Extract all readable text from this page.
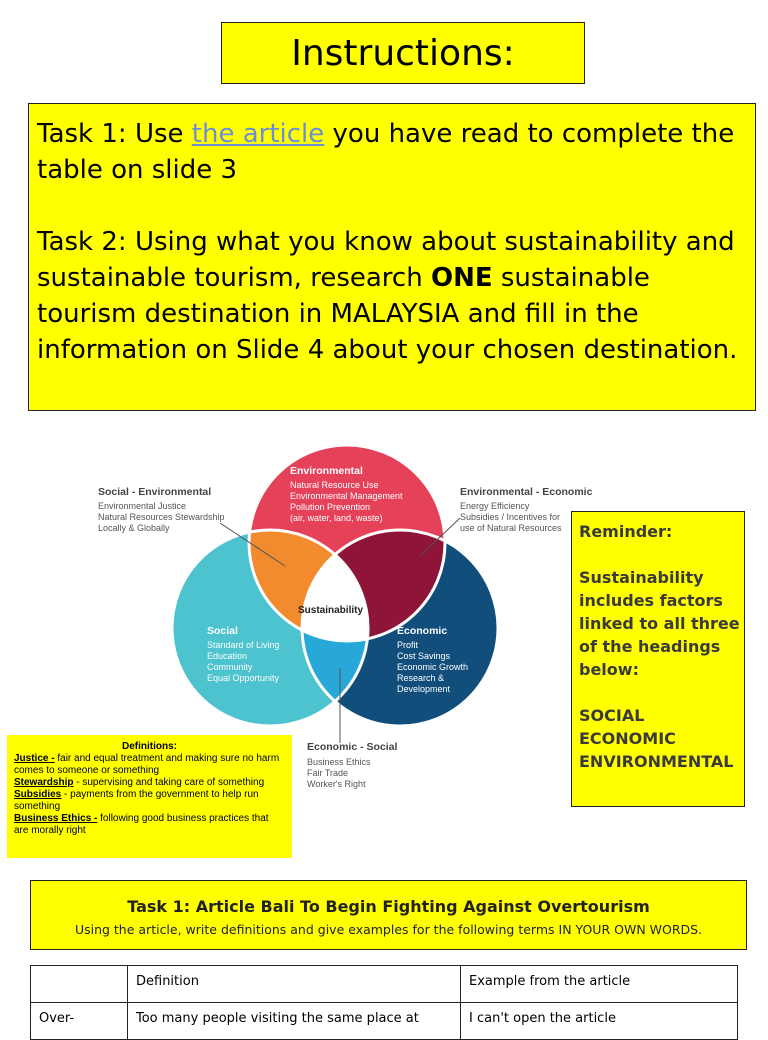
Instructions:

Task 1: Use the article you have read to complete the table on slide 3

Task 2: Using what you know about sustainability and sustainable tourism, research ONE sustainable tourism destination in MALAYSIA and fill in the information on Slide 4 about your chosen destination.

Environmental
Natural Resource Use
Environmental Management
Pollution Prevention
(air, water, land, waste)
Social
Standard of Living
Education
Community
Equal Opportunity
Economic
Profit
Cost Savings
Economic Growth
Research &
Development
Sustainability
Social - Environmental
Environmental Justice
Natural Resources Stewardship
Locally & Globally
Environmental - Economic
Energy Efficiency
Subsidies / Incentives for
use of Natural Resources
Economic - Social
Business Ethics
Fair Trade
Worker's Right
Reminder:

Sustainability
includes factors
linked to all three
of the headings
below:

SOCIAL
ECONOMIC
ENVIRONMENTAL
Definitions:
Justice - fair and equal treatment and making sure no harm comes to someone or something
Stewardship - supervising and taking care of something
Subsidies - payments from the government to help run something
Business Ethics - following good business practices that are morally right
Task 1: Article Bali To Begin Fighting Against Overtourism
Using the article, write definitions and give examples for the following terms IN YOUR OWN WORDS.
	Definition	Example from the article
Over-	Too many people visiting the same place at	I can't open the article
